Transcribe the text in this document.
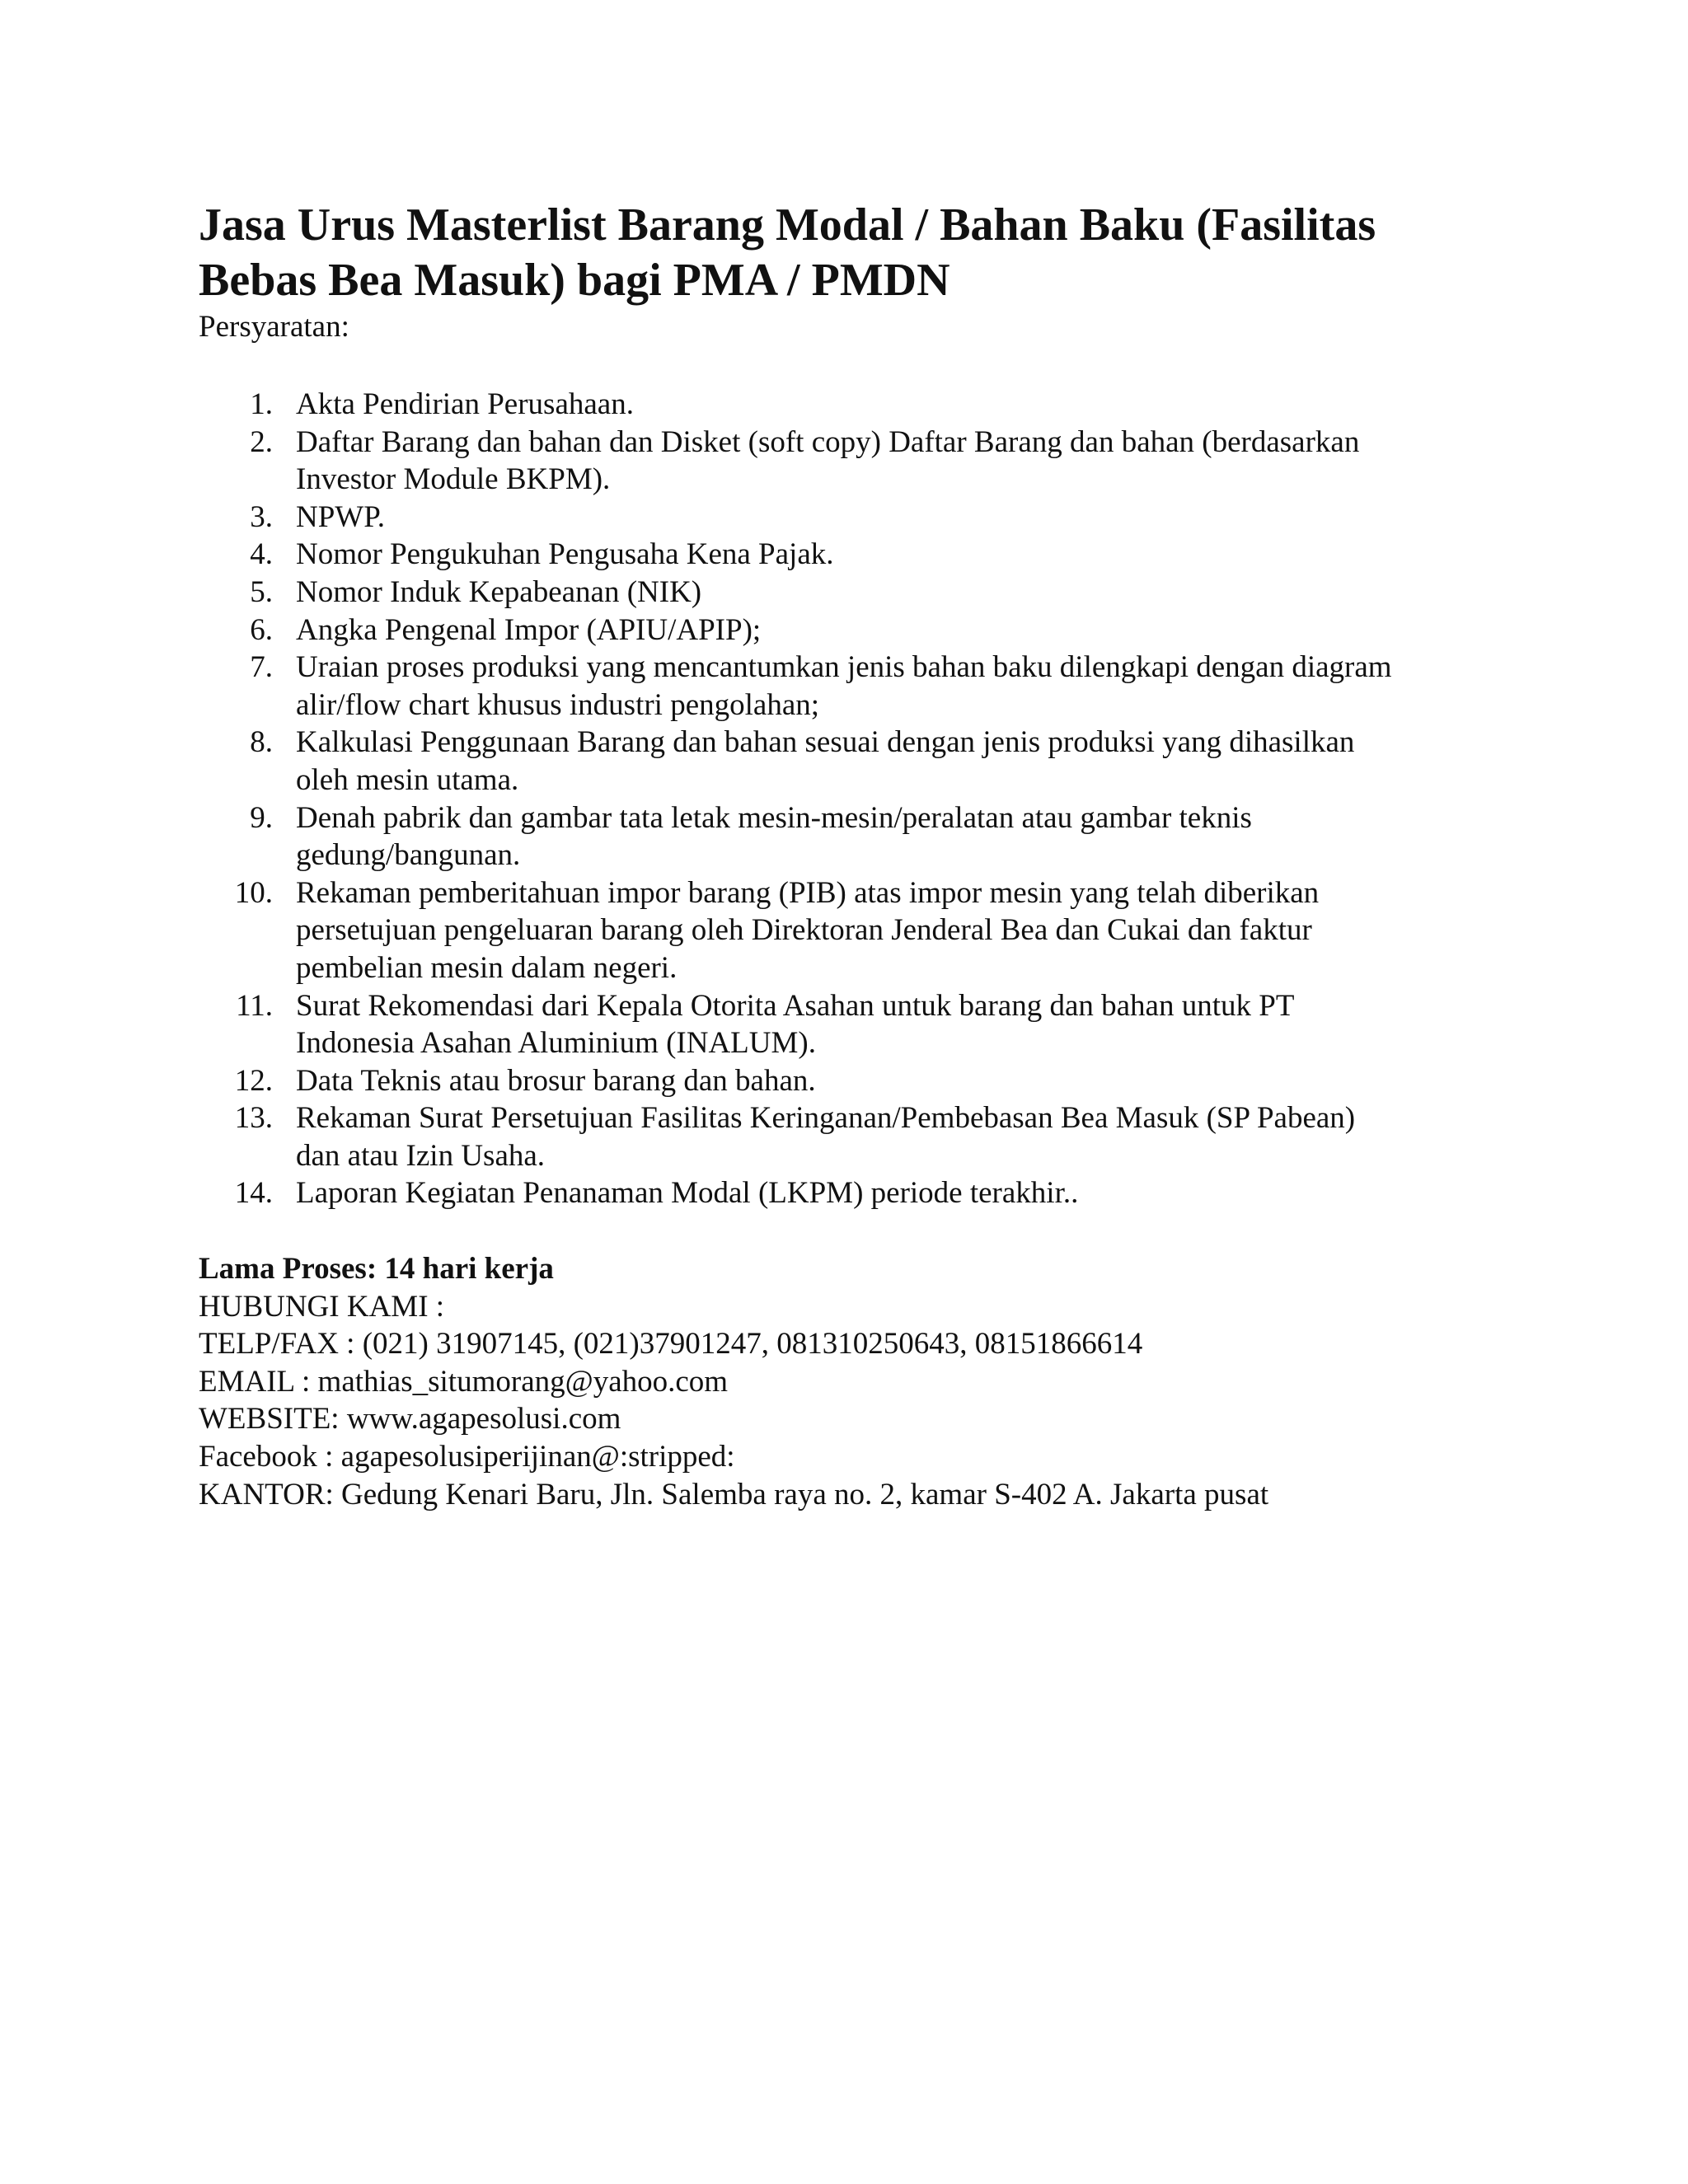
Jasa Urus Masterlist Barang Modal / Bahan Baku (Fasilitas
Bebas Bea Masuk) bagi PMA / PMDN

Persyaratan:

1. Akta Pendirian Perusahaan.
2. Daftar Barang dan bahan dan Disket (soft copy) Daftar Barang dan bahan (berdasarkan
Investor Module BKPM).
3. NPWP.
4. Nomor Pengukuhan Pengusaha Kena Pajak.
5. Nomor Induk Kepabeanan (NIK)
6. Angka Pengenal Impor (APIU/APIP);
7. Uraian proses produksi yang mencantumkan jenis bahan baku dilengkapi dengan diagram
alir/flow chart khusus industri pengolahan;
8. Kalkulasi Penggunaan Barang dan bahan sesuai dengan jenis produksi yang dihasilkan
oleh mesin utama.
9. Denah pabrik dan gambar tata letak mesin-mesin/peralatan atau gambar teknis
gedung/bangunan.
10. Rekaman pemberitahuan impor barang (PIB) atas impor mesin yang telah diberikan
persetujuan pengeluaran barang oleh Direktoran Jenderal Bea dan Cukai dan faktur
pembelian mesin dalam negeri.
11. Surat Rekomendasi dari Kepala Otorita Asahan untuk barang dan bahan untuk PT
Indonesia Asahan Aluminium (INALUM).
12. Data Teknis atau brosur barang dan bahan.
13. Rekaman Surat Persetujuan Fasilitas Keringanan/Pembebasan Bea Masuk (SP Pabean)
dan atau Izin Usaha.
14. Laporan Kegiatan Penanaman Modal (LKPM) periode terakhir..
Lama Proses: 14 hari kerja
HUBUNGI KAMI :
TELP/FAX : (021) 31907145, (021)37901247, 081310250643, 08151866614
EMAIL : mathias_situmorang@yahoo.com
WEBSITE: www.agapesolusi.com
Facebook : agapesolusiperijinan@:stripped:
KANTOR: Gedung Kenari Baru, Jln. Salemba raya no. 2, kamar S-402 A. Jakarta pusat
